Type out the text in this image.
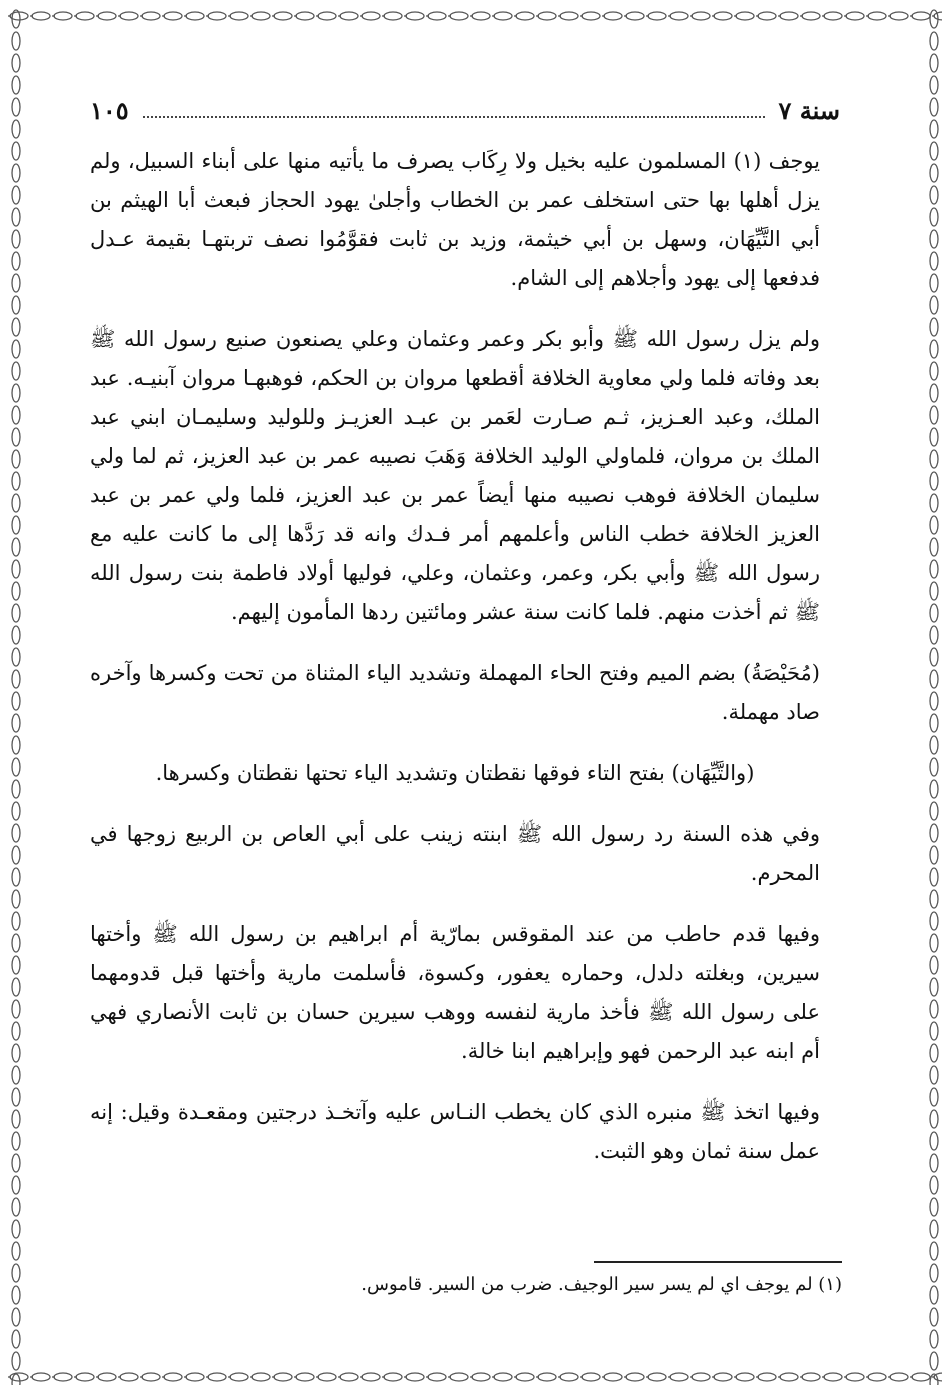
سنة ٧
١٠٥

يوجف (١) المسلمون عليه بخيل ولا رِكَاب يصرف ما يأتيه منها على أبناء السبيل، ولم يزل أهلها بها حتى استخلف عمر بن الخطاب وأجلىٰ يهود الحجاز فبعث أبا الهيثم بن أبي التَّيِّهَان، وسهل بن أبي خيثمة، وزيد بن ثابت فقوَّمُوا نصف تربتهـا بقيمة عـدل فدفعها إلى يهود وأجلاهم إلى الشام.

ولم يزل رسول الله ﷺ وأبو بكر وعمر وعثمان وعلي يصنعون صنيع رسول الله ﷺ بعد وفاته فلما ولي معاوية الخلافة أقطعها مروان بن الحكم، فوهبهـا مروان آبنيـه. عبد الملك، وعبد العـزيز، ثـم صـارت لعَمر بن عبـد العزيـز وللوليد وسليمـان ابني عبد الملك بن مروان، فلماولي الوليد الخلافة وَهَبَ نصيبه عمر بن عبد العزيز، ثم لما ولي سليمان الخلافة فوهب نصيبه منها أيضاً عمر بن عبد العزيز، فلما ولي عمر بن عبد العزيز الخلافة خطب الناس وأعلمهم أمر فـدك وانه قد رَدَّها إلى ما كانت عليه مع رسول الله ﷺ وأبي بكر، وعمر، وعثمان، وعلي، فوليها أولاد فاطمة بنت رسول الله ﷺ ثم أخذت منهم. فلما كانت سنة عشر ومائتين ردها المأمون إليهم.

(مُحَيْصَةُ) بضم الميم وفتح الحاء المهملة وتشديد الياء المثناة من تحت وكسرها وآخره صاد مهملة.

(والتَّيِّهَان) بفتح التاء فوقها نقطتان وتشديد الياء تحتها نقطتان وكسرها.

وفي هذه السنة رد رسول الله ﷺ ابنته زينب على أبي العاص بن الربيع زوجها في المحرم.

وفيها قدم حاطب من عند المقوقس بمارّية أم ابراهيم بن رسول الله ﷺ وأختها سيرين، وبغلته دلدل، وحماره يعفور، وكسوة، فأسلمت مارية وأختها قبل قدومهما على رسول الله ﷺ فأخذ مارية لنفسه ووهب سيرين حسان بن ثابت الأنصاري فهي أم ابنه عبد الرحمن فهو وإبراهيم ابنا خالة.

وفيها اتخذ ﷺ منبره الذي كان يخطب النـاس عليه وآتخـذ درجتين ومقعـدة وقيل: إنه عمل سنة ثمان وهو الثبت.

(١) لم يوجف اي لم يسر سير الوجيف. ضرب من السير. قاموس.
